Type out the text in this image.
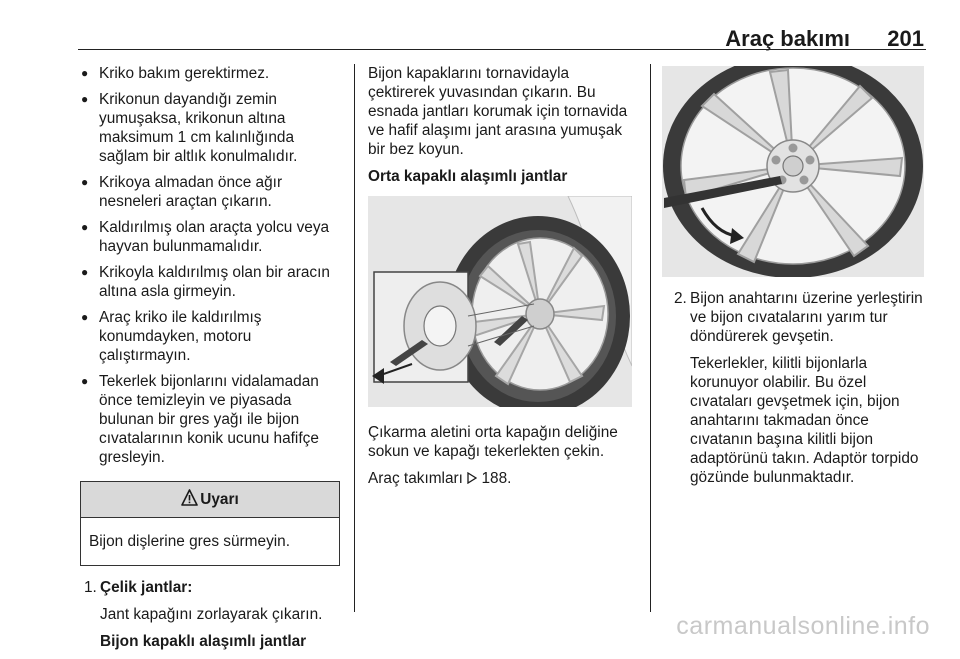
Araç bakımı	201
● Kriko bakım gerektirmez.
● Krikonun dayandığı zemin yumuşaksa, krikonun altına maksimum 1 cm kalınlığında sağlam bir altlık konulmalıdır.
● Krikoya almadan önce ağır nesneleri araçtan çıkarın.
● Kaldırılmış olan araçta yolcu veya hayvan bulunmamalıdır.
● Krikoyla kaldırılmış olan bir aracın altına asla girmeyin.
● Araç kriko ile kaldırılmış konumdayken, motoru çalıştırmayın.
● Tekerlek bijonlarını vidalamadan önce temizleyin ve piyasada bulunan bir gres yağı ile bijon cıvatalarının konik ucunu hafifçe gresleyin.
Uyarı
Bijon dişlerine gres sürmeyin.
1. Çelik jantlar:

Jant kapağını zorlayarak çıkarın.

Bijon kapaklı alaşımlı jantlar

Bijon kapaklarını tornavidayla çektirerek yuvasından çıkarın. Bu esnada jantları korumak için tornavida ve hafif alaşımı jant arasına yumuşak bir bez koyun.

Orta kapaklı alaşımlı jantlar

Çıkarma aletini orta kapağın deliğine sokun ve kapağı tekerlekten çekin.

Araç takımları 188.

2. Bijon anahtarını üzerine yerleştirin ve bijon cıvatalarını yarım tur döndürerek gevşetin.

Tekerlekler, kilitli bijonlarla korunuyor olabilir. Bu özel cıvataları gevşetmek için, bijon anahtarını takmadan önce cıvatanın başına kilitli bijon adaptörünü takın. Adaptör torpido gözünde bulunmaktadır.

carmanualsonline.info
